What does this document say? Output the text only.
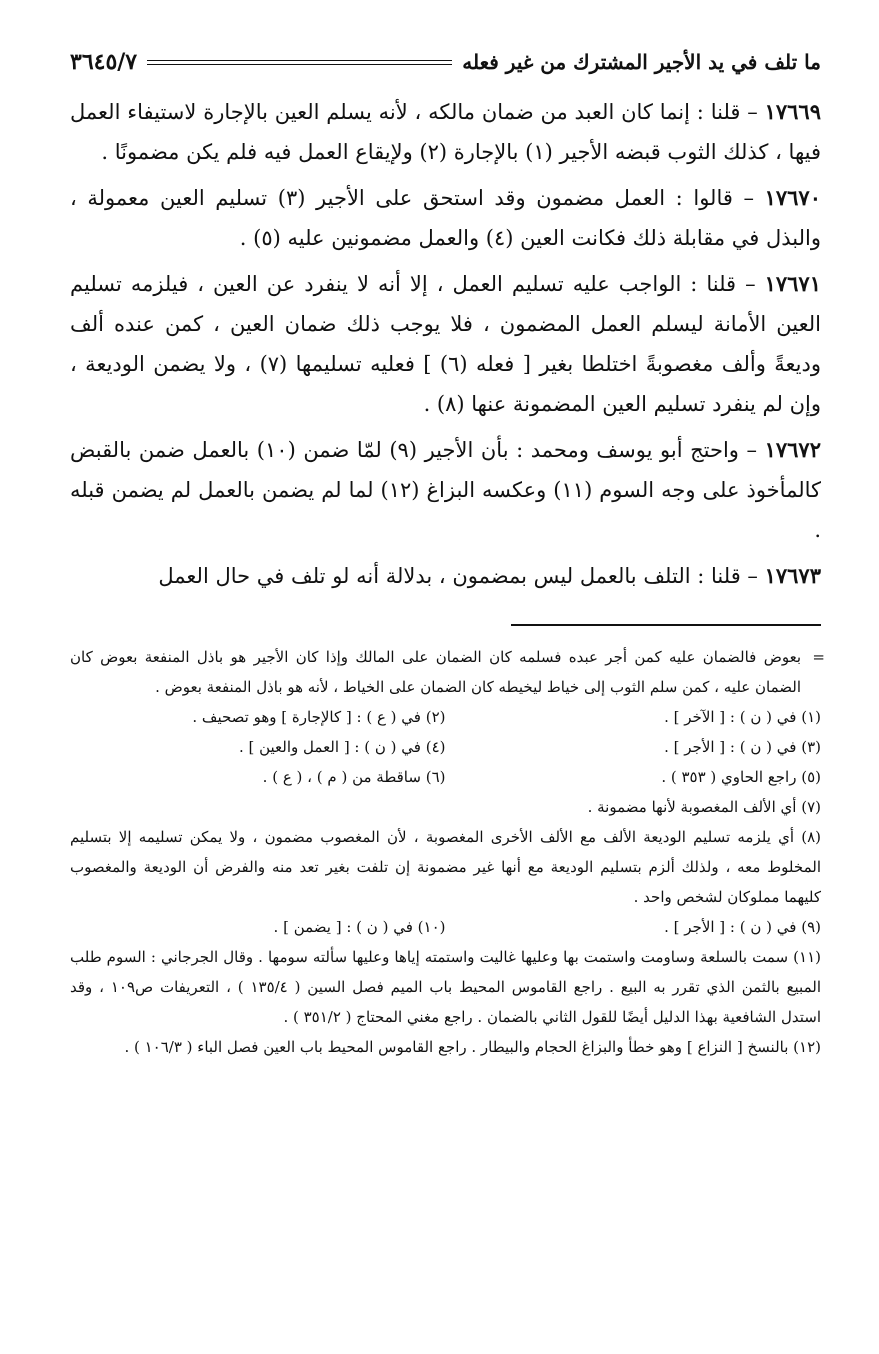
ما تلف في يد الأجير المشترك من غير فعله
٣٦٤٥/٧

١٧٦٦٩ – قلنا : إنما كان العبد من ضمان مالكه ، لأنه يسلم العين بالإجارة لاستيفاء العمل فيها ، كذلك الثوب قبضه الأجير (١) بالإجارة (٢) ولإيقاع العمل فيه فلم يكن مضمونًا .

١٧٦٧٠ – قالوا : العمل مضمون وقد استحق على الأجير (٣) تسليم العين معمولة ، والبذل في مقابلة ذلك فكانت العين (٤) والعمل مضمونين عليه (٥) .

١٧٦٧١ – قلنا : الواجب عليه تسليم العمل ، إلا أنه لا ينفرد عن العين ، فيلزمه تسليم العين الأمانة ليسلم العمل المضمون ، فلا يوجب ذلك ضمان العين ، كمن عنده ألف وديعةً وألف مغصوبةً اختلطا بغير [ فعله (٦) ] فعليه تسليمها (٧) ، ولا يضمن الوديعة ، وإن لم ينفرد تسليم العين المضمونة عنها (٨) .

١٧٦٧٢ – واحتج أبو يوسف ومحمد : بأن الأجير (٩) لمّا ضمن (١٠) بالعمل ضمن بالقبض كالمأخوذ على وجه السوم (١١) وعكسه البزاغ (١٢) لما لم يضمن بالعمل لم يضمن قبله .

١٧٦٧٣ – قلنا : التلف بالعمل ليس بمضمون ، بدلالة أنه لو تلف في حال العمل

=
بعوض فالضمان عليه كمن أجر عبده فسلمه كان الضمان على المالك وإذا كان الأجير هو باذل المنفعة بعوض كان الضمان عليه ، كمن سلم الثوب إلى خياط ليخيطه كان الضمان على الخياط ، لأنه هو باذل المنفعة بعوض .

(١) في ( ن ) : [ الآخر ] .
(٢) في ( ع ) : [ كالإجارة ] وهو تصحيف .
(٣) في ( ن ) : [ الأجر ] .
(٤) في ( ن ) : [ العمل والعين ] .
(٥) راجع الحاوي ( ٣٥٣ ) .
(٦) ساقطة من ( م ) ، ( ع ) .

(٧) أي الألف المغصوبة لأنها مضمونة .

(٨) أي يلزمه تسليم الوديعة الألف مع الألف الأخرى المغصوبة ، لأن المغصوب مضمون ، ولا يمكن تسليمه إلا بتسليم المخلوط معه ، ولذلك ألزم بتسليم الوديعة مع أنها غير مضمونة إن تلفت بغير تعد منه والفرض أن الوديعة والمغصوب كليهما مملوكان لشخص واحد .

(٩) في ( ن ) : [ الأجر ] .
(١٠) في ( ن ) : [ يضمن ] .

(١١) سمت بالسلعة وساومت واستمت بها وعليها غاليت واستمته إياها وعليها سألته سومها . وقال الجرجاني : السوم طلب المبيع بالثمن الذي تقرر به البيع . راجع القاموس المحيط باب الميم فصل السين ( ١٣٥/٤ ) ، التعريفات ص١٠٩ ، وقد استدل الشافعية بهذا الدليل أيضًا للقول الثاني بالضمان . راجع مغني المحتاج ( ٣٥١/٢ ) .

(١٢) بالنسخ [ النزاع ] وهو خطأ والبزاغ الحجام والبيطار . راجع القاموس المحيط باب العين فصل الباء ( ١٠٦/٣ ) .
